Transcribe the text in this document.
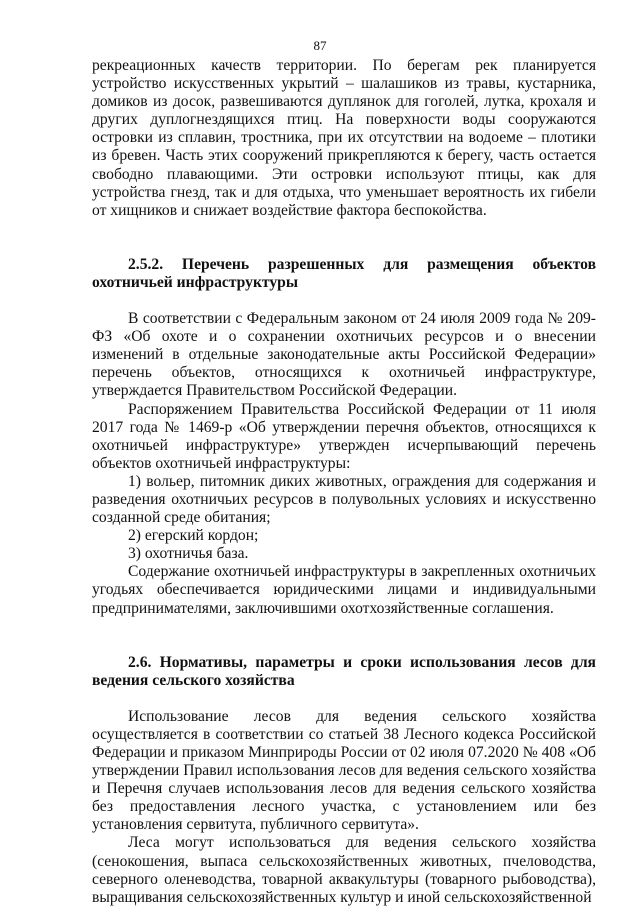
87

рекреационных качеств территории. По берегам рек планируется устройство искусственных укрытий – шалашиков из травы, кустарника, домиков из досок, развешиваются дуплянок для гоголей, лутка, крохаля и других дуплогнездящихся птиц. На поверхности воды сооружаются островки из сплавин, тростника, при их отсутствии на водоеме – плотики из бревен. Часть этих сооружений прикрепляются к берегу, часть остается свободно плавающими. Эти островки используют птицы, как для устройства гнезд, так и для отдыха, что уменьшает вероятность их гибели от хищников и снижает воздействие фактора беспокойства.

2.5.2. Перечень разрешенных для размещения объектов охотничьей инфраструктуры

В соответствии с Федеральным законом от 24 июля 2009 года № 209-ФЗ «Об охоте и о сохранении охотничьих ресурсов и о внесении изменений в отдельные законодательные акты Российской Федерации» перечень объектов, относящихся к охотничьей инфраструктуре, утверждается Правительством Российской Федерации.

Распоряжением Правительства Российской Федерации от 11 июля 2017 года № 1469-р «Об утверждении перечня объектов, относящихся к охотничьей инфраструктуре» утвержден исчерпывающий перечень объектов охотничьей инфраструктуры:

1) вольер, питомник диких животных, ограждения для содержания и разведения охотничьих ресурсов в полувольных условиях и искусственно созданной среде обитания;

2) егерский кордон;

3) охотничья база.

Содержание охотничьей инфраструктуры в закрепленных охотничьих угодьях обеспечивается юридическими лицами и индивидуальными предпринимателями, заключившими охотхозяйственные соглашения.

2.6. Нормативы, параметры и сроки использования лесов для ведения сельского хозяйства

Использование лесов для ведения сельского хозяйства осуществляется в соответствии со статьей 38 Лесного кодекса Российской Федерации и приказом Минприроды России от 02 июля 07.2020 № 408 «Об утверждении Правил использования лесов для ведения сельского хозяйства и Перечня случаев использования лесов для ведения сельского хозяйства без предоставления лесного участка, с установлением или без установления сервитута, публичного сервитута».

Леса могут использоваться для ведения сельского хозяйства (сенокошения, выпаса сельскохозяйственных животных, пчеловодства, северного оленеводства, товарной аквакультуры (товарного рыбоводства), выращивания сельскохозяйственных культур и иной сельскохозяйственной
